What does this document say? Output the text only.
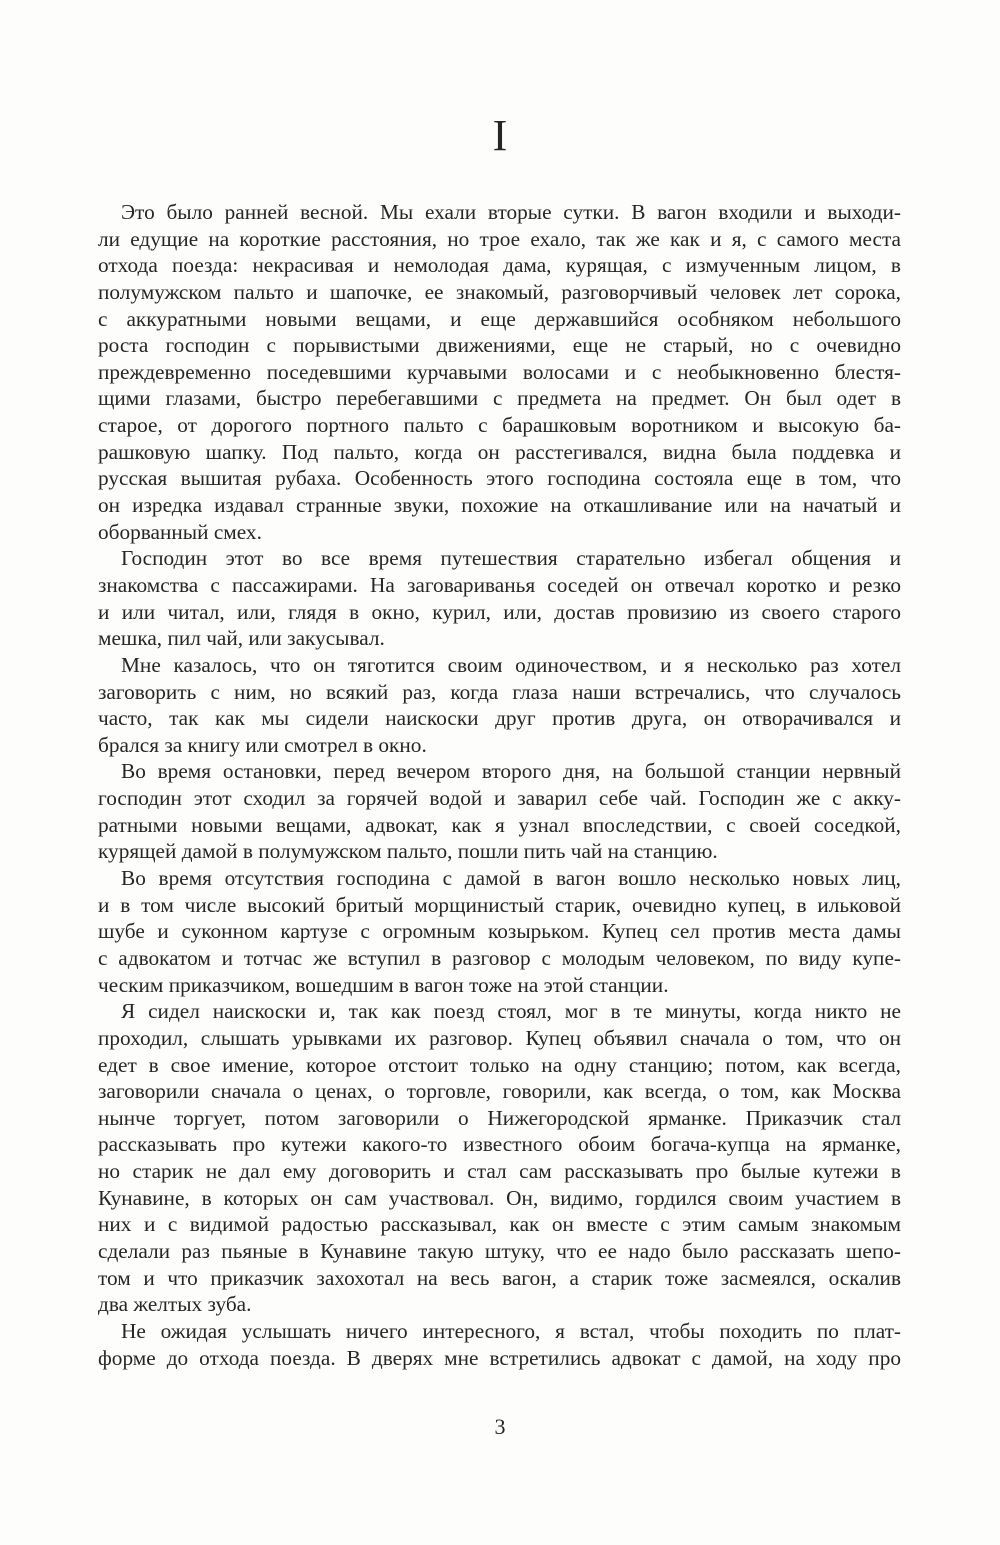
I
Это было ранней весной. Мы ехали вторые сутки. В вагон входили и выходи-
ли едущие на короткие расстояния, но трое ехало, так же как и я, с самого места
отхода поезда: некрасивая и немолодая дама, курящая, с измученным лицом, в
полумужском пальто и шапочке, ее знакомый, разговорчивый человек лет сорока,
с аккуратными новыми вещами, и еще державшийся особняком небольшого
роста господин с порывистыми движениями, еще не старый, но с очевидно
преждевременно поседевшими курчавыми волосами и с необыкновенно блестя-
щими глазами, быстро перебегавшими с предмета на предмет. Он был одет в
старое, от дорогого портного пальто с барашковым воротником и высокую ба-
рашковую шапку. Под пальто, когда он расстегивался, видна была поддевка и
русская вышитая рубаха. Особенность этого господина состояла еще в том, что
он изредка издавал странные звуки, похожие на откашливание или на начатый и
оборванный смех.
Господин этот во все время путешествия старательно избегал общения и
знакомства с пассажирами. На заговариванья соседей он отвечал коротко и резко
и или читал, или, глядя в окно, курил, или, достав провизию из своего старого
мешка, пил чай, или закусывал.
Мне казалось, что он тяготится своим одиночеством, и я несколько раз хотел
заговорить с ним, но всякий раз, когда глаза наши встречались, что случалось
часто, так как мы сидели наискоски друг против друга, он отворачивался и
брался за книгу или смотрел в окно.
Во время остановки, перед вечером второго дня, на большой станции нервный
господин этот сходил за горячей водой и заварил себе чай. Господин же с акку-
ратными новыми вещами, адвокат, как я узнал впоследствии, с своей соседкой,
курящей дамой в полумужском пальто, пошли пить чай на станцию.
Во время отсутствия господина с дамой в вагон вошло несколько новых лиц,
и в том числе высокий бритый морщинистый старик, очевидно купец, в ильковой
шубе и суконном картузе с огромным козырьком. Купец сел против места дамы
с адвокатом и тотчас же вступил в разговор с молодым человеком, по виду купе-
ческим приказчиком, вошедшим в вагон тоже на этой станции.
Я сидел наискоски и, так как поезд стоял, мог в те минуты, когда никто не
проходил, слышать урывками их разговор. Купец объявил сначала о том, что он
едет в свое имение, которое отстоит только на одну станцию; потом, как всегда,
заговорили сначала о ценах, о торговле, говорили, как всегда, о том, как Москва
нынче торгует, потом заговорили о Нижегородской ярманке. Приказчик стал
рассказывать про кутежи какого-то известного обоим богача-купца на ярманке,
но старик не дал ему договорить и стал сам рассказывать про былые кутежи в
Кунавине, в которых он сам участвовал. Он, видимо, гордился своим участием в
них и с видимой радостью рассказывал, как он вместе с этим самым знакомым
сделали раз пьяные в Кунавине такую штуку, что ее надо было рассказать шепо-
том и что приказчик захохотал на весь вагон, а старик тоже засмеялся, оскалив
два желтых зуба.
Не ожидая услышать ничего интересного, я встал, чтобы походить по плат-
форме до отхода поезда. В дверях мне встретились адвокат с дамой, на ходу про
3
